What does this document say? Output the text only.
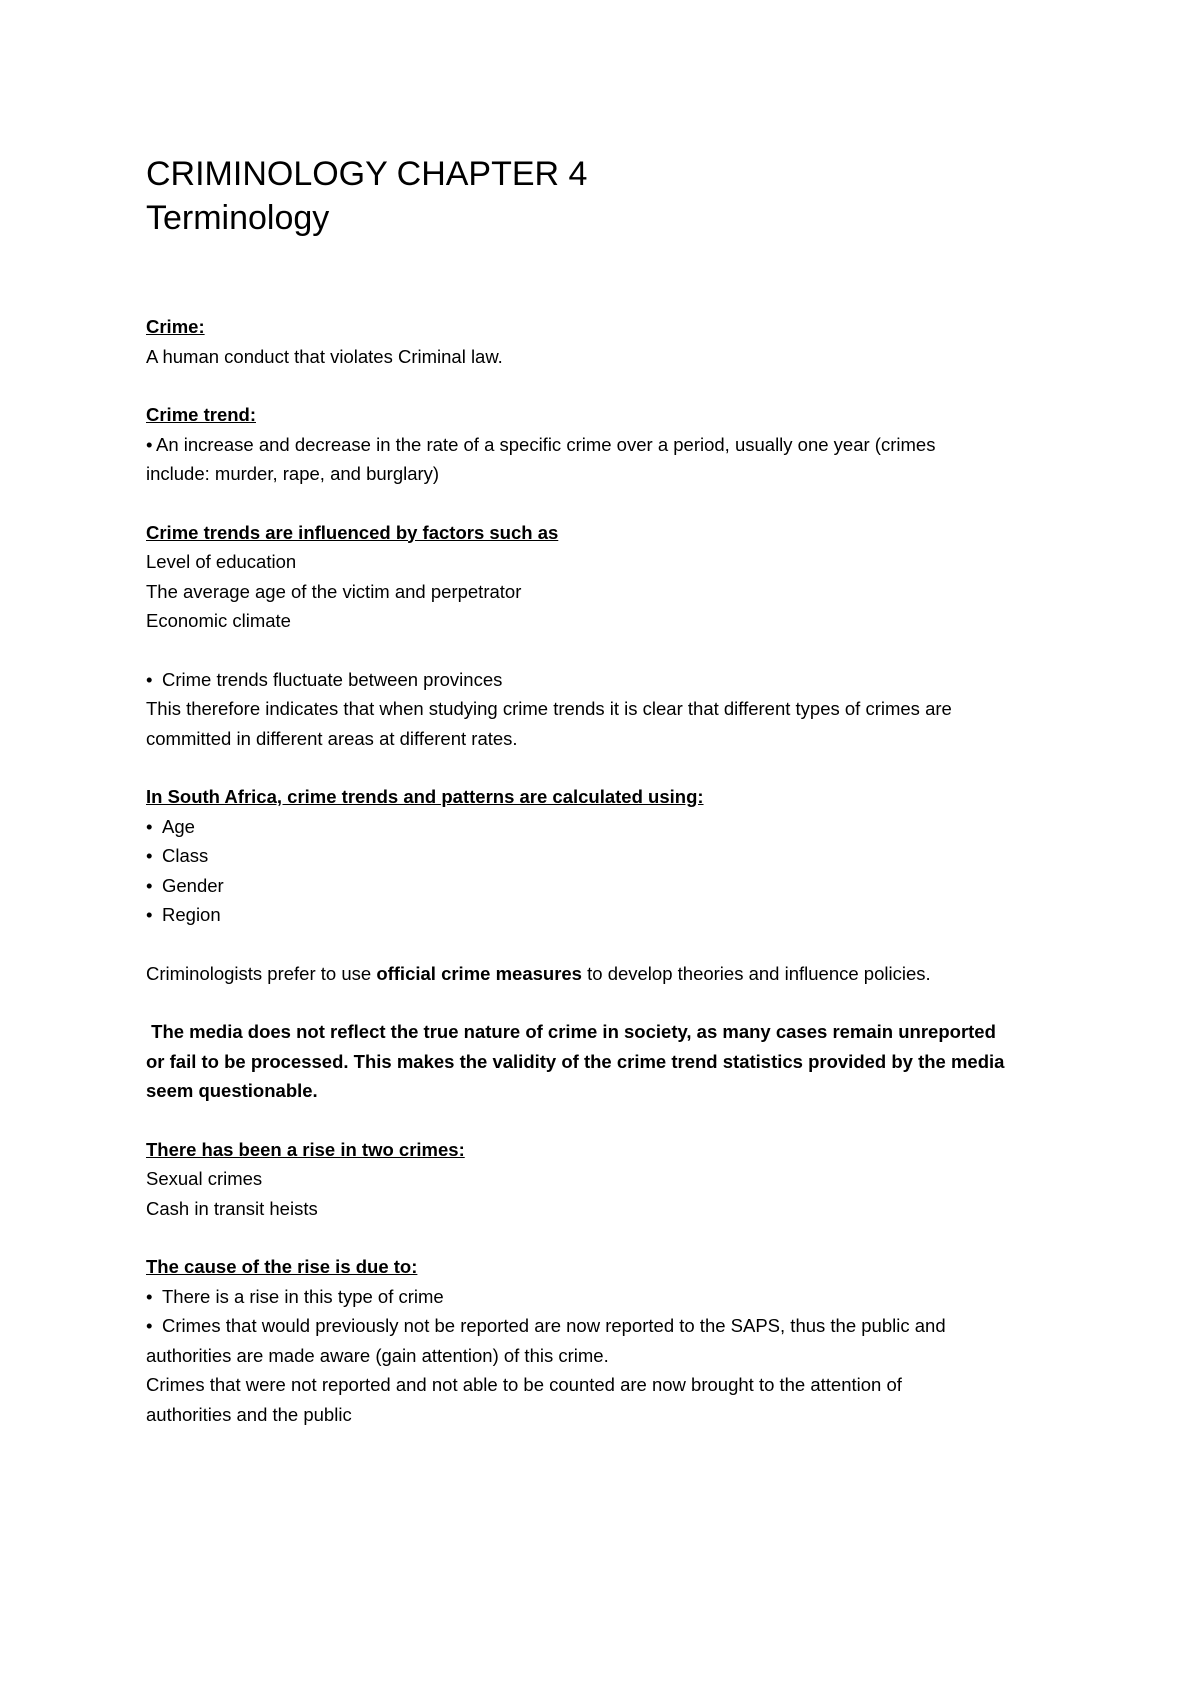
CRIMINOLOGY CHAPTER 4
Terminology
Crime:
A human conduct that violates Criminal law.
Crime trend:
• An increase and decrease in the rate of a specific crime over a period, usually one year (crimes
include: murder, rape, and burglary)
Crime trends are influenced by factors such as
Level of education
The average age of the victim and perpetrator
Economic climate
• Crime trends fluctuate between provinces
This therefore indicates that when studying crime trends it is clear that different types of crimes are
committed in different areas at different rates.
In South Africa, crime trends and patterns are calculated using:
• Age
• Class
• Gender
• Region
Criminologists prefer to use official crime measures to develop theories and influence policies.
The media does not reflect the true nature of crime in society, as many cases remain unreported
or fail to be processed. This makes the validity of the crime trend statistics provided by the media
seem questionable.
There has been a rise in two crimes:
Sexual crimes
Cash in transit heists
The cause of the rise is due to:
• There is a rise in this type of crime
• Crimes that would previously not be reported are now reported to the SAPS, thus the public and
authorities are made aware (gain attention) of this crime.
Crimes that were not reported and not able to be counted are now brought to the attention of
authorities and the public
